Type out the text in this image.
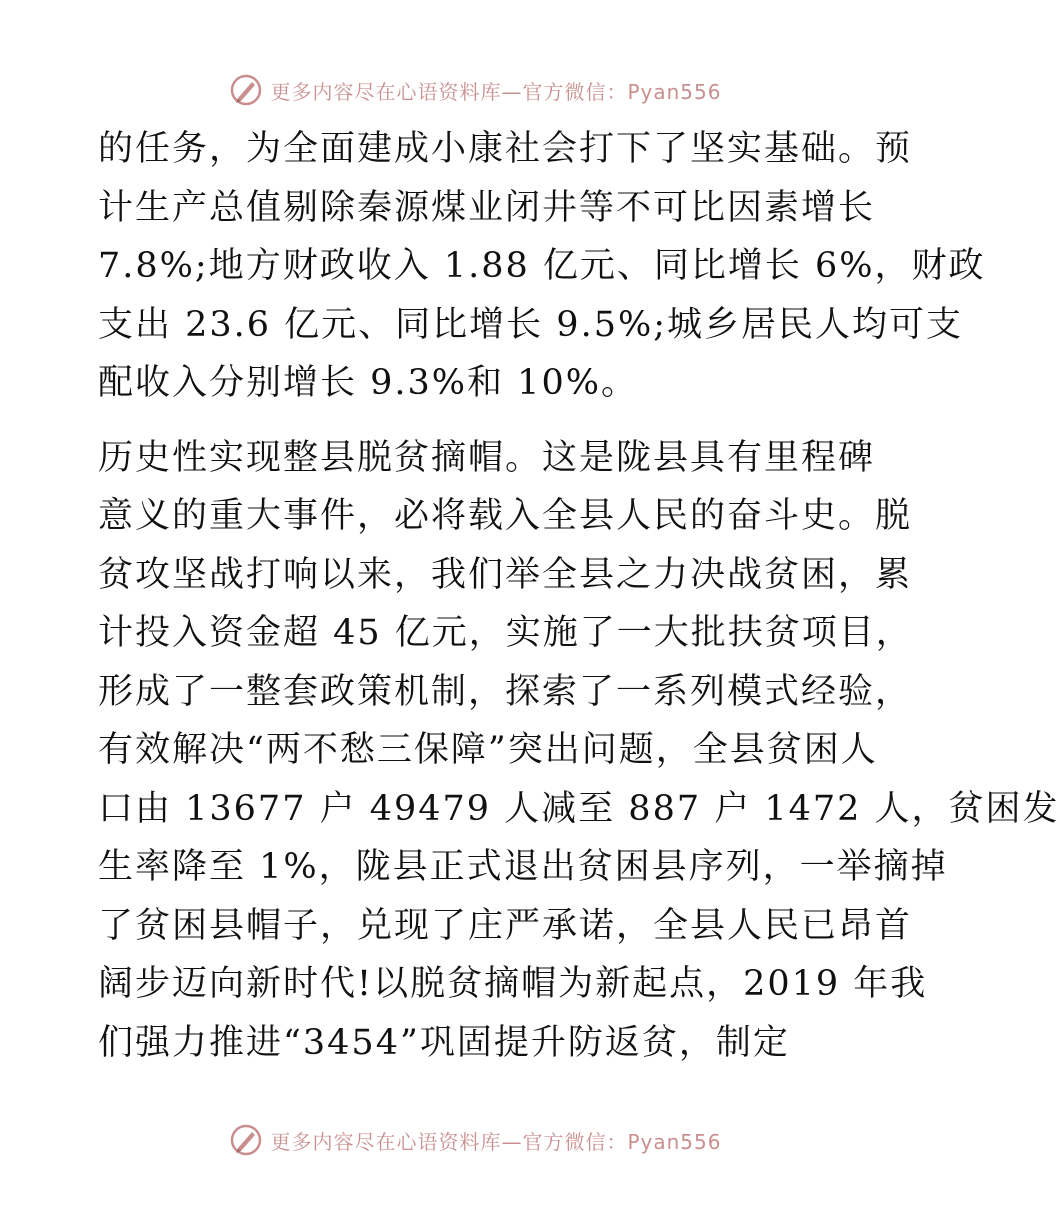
更多内容尽在心语资料库—官方微信：Pyan556
的任务，为全面建成小康社会打下了坚实基础。预
计生产总值剔除秦源煤业闭井等不可比因素增长
7.8%;地方财政收入 1.88 亿元、同比增长 6%，财政
支出 23.6 亿元、同比增长 9.5%;城乡居民人均可支
配收入分别增长 9.3%和 10%。
历史性实现整县脱贫摘帽。这是陇县具有里程碑
意义的重大事件，必将载入全县人民的奋斗史。脱
贫攻坚战打响以来，我们举全县之力决战贫困，累
计投入资金超 45 亿元，实施了一大批扶贫项目，
形成了一整套政策机制，探索了一系列模式经验，
有效解决“两不愁三保障”突出问题，全县贫困人
口由 13677 户 49479 人减至 887 户 1472 人，贫困发
生率降至 1%，陇县正式退出贫困县序列，一举摘掉
了贫困县帽子，兑现了庄严承诺，全县人民已昂首
阔步迈向新时代!以脱贫摘帽为新起点，2019 年我
们强力推进“3454”巩固提升防返贫，制定
更多内容尽在心语资料库—官方微信：Pyan556
